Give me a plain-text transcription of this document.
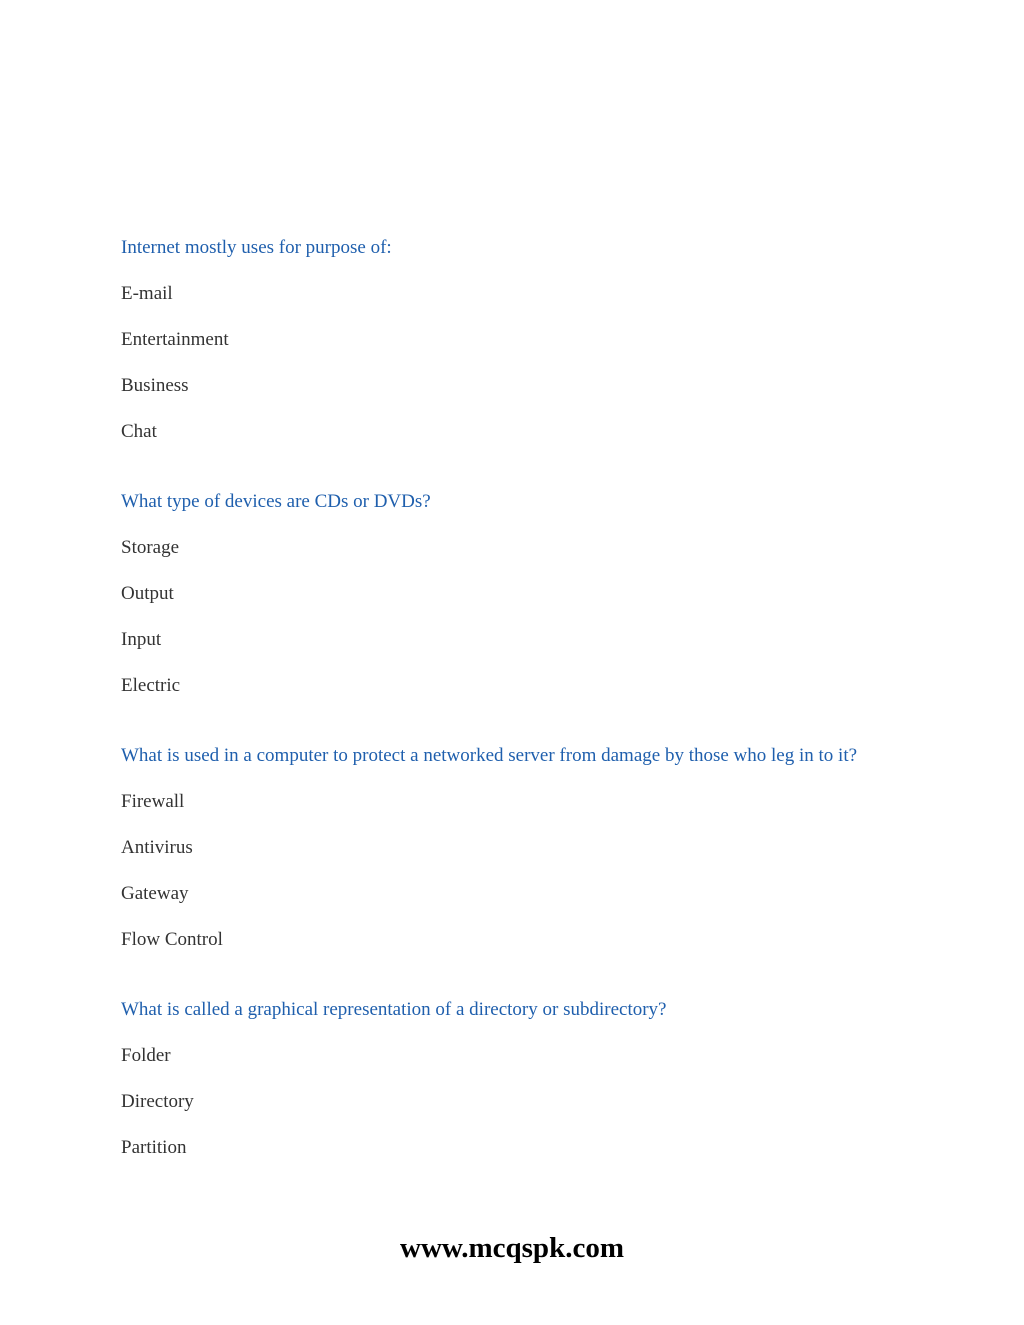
Internet mostly uses for purpose of:

E-mail
Entertainment
Business
Chat

What type of devices are CDs or DVDs?

Storage
Output
Input
Electric

What is used in a computer to protect a networked server from damage by those who leg in to it?

Firewall
Antivirus
Gateway
Flow Control

What is called a graphical representation of a directory or subdirectory?

Folder
Directory
Partition
www.mcqspk.com
